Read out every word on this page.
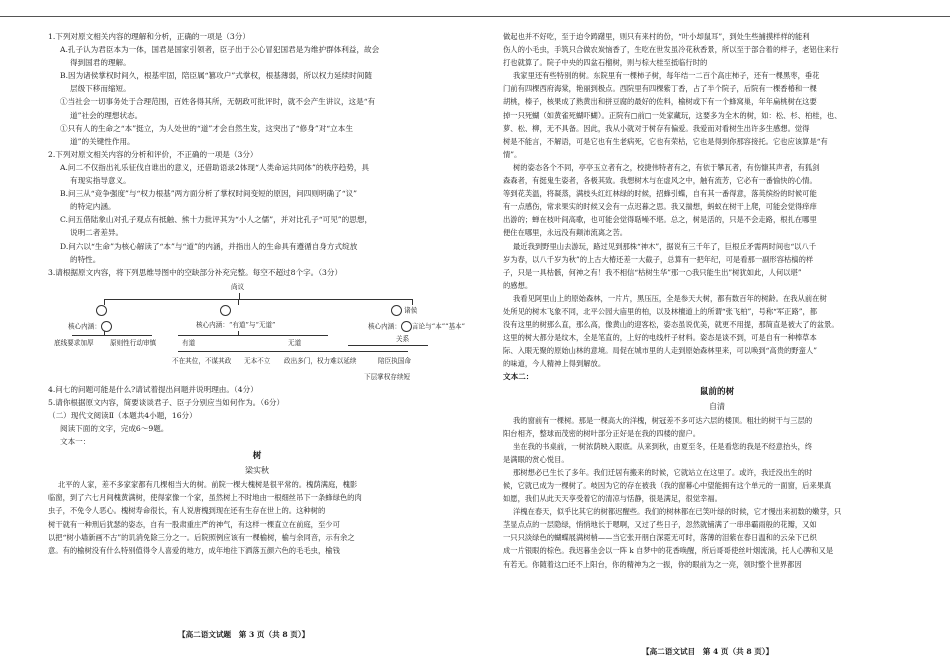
1.下列对原文相关内容的理解和分析，正确的一项是（3分）
A.孔子认为君臣本为一体，国君是国家引领者，臣子出于公心冒犯国君是为维护群体利益，故会
得到国君的理解。
B.因为诸侯掌权时间久，根基牢固，陪臣属“篡攻户”式掌权，根基薄弱，所以权力延续时间随
层级下移而缩短。
①当社会一切事务处于合理范围，百姓各得其所，无朝政可批评时，就不会产生讲议，这是“有
道”社会的理想状态。
①只有人的生命之“本”挺立，为人处世的“道”才会自然生发，这突出了“修身”对“立本生
道”的关键性作用。
2.下列对原文相关内容的分析和评价，不正确的一项是（3分）
A.问二不仅指出礼乐征伐自谁出的意义，还借助语录2体现“人类命运共同体”的秩序趋势，具
有现实指导意义。
B.问三从“竞争强度”与“权力根基”两方面分析了掌权时间变短的原因，问四则明确了“议”
的特定内涵。
C.问五借陆象山对孔子观点有抵触、熊十力批评其为“小人之儒”，并对比孔子“可见”的思想，
说明二者差异。
D.问六以“生命”为核心解读了“本”与“道”的内涵，并指出人的生命具有遵循自身方式绽放
的特性。
3.请根据原文内容，将下列思维导图中的空缺部分补充完整。每空不超过8个字。（3分）
尚议
诸侯
核心内涵：	核心内涵：“有道”与“无道”	核心内涵： 言论与“本”“基本”
关系
底线要求加厚 原则性行动审慎	有道	无道
不在其位，不谋其政 无本不立 政出多门，权力难以延续	陪臣执国命
下层掌权存续短
4.问七的问题可能是什么?请试着提出问题并说明理由。（4分）
5.请你根据原文内容，简要谈谈君子、臣子分别应当如何作为。（6分）
（二）现代文阅读Ⅱ（本题共4小题，16分）
阅读下面的文字，完成6～9题。
文本一：
树
梁实秋
北平的人家，差不多家家都有几棵相当大的树。前院一棵大槐树是很平常的。槐荫满庭，槐影
临窗，到了六七月间槐黄满树，使得家像一个家，虽然树上不时地由一根细丝吊下一条蜂绿色的肉
虫子，不免令人恶心。槐树寿命很长，有人说唐槐到现在还有生存在世上的。这种树的
树干就有一种刑后犹瑟的姿态，自有一股肃重庄严的神气，有这样一棵直立在前庭，至少可
以把“树小墙新画不古”的讥消免除三分之一。后院照例应该有一棵榆树，榆与余同音，示有余之
意。有的榆树没有什么特别值得令人喜爱的地方，成年地往下洒落五颜六色的毛毛虫，榆钱
【高二语文试题　第 3 页（共 8 页）】
做起也并不好吃，至于迫令踌躇里，则只有来村的份，“叶小却鼠耳”，到处生些捕摸样样的能利
伤人的小毛虫，手筑只合做农炭恼香了，生吃在世发虽冷花秋香景，所以至于部合着的样子，老铝住来行
打也就算了。院子中央的四盆石榴树，则与棕大桂至抵临行时的
我家里还有些特别的树。东院里有一棵柿子树，每年结一二百个高庄柿子，还有一棵黑枣，垂花
门前有四棵西府海棠，艳丽到极点。西院里有四棵紫丁香，占了半个院子，后院有一棵香椿和一棵
胡桃，榛子，核果成了熟黄出和拼豆腐的最好的佐料，榆树或下有一个蜂窝巢，年年扁桃树在这要
掉一只死蝴（如黄雀死蝴吓蝴）。正院有□前□一处家藏玩，这要多为全木的树，如：松、杉、柏桂，也、
萝、松、柳，无不具备。因此，我从小就对于树存有偏爱。我爱而对看树生出许多生感想。觉得
树是不能言，不解语，可是它也有生老病死，它也有荣枯，它也是得到你那容接托。它也应该算是“有
情”。
树的姿态各个不同，亭亭玉立者有之，校捷伟特者有之，有依于攀瓦者，有伤慷其声者，有狐剑
森森者，有挺鬼生姿者，各极其致。我想树木与在虚风之中，触有流芳，它必有一番愉快的心情。
等到花芙温，将凝蒸，满枝头红红林绿的时候，招蜂引蝶，自有其一番得意，落英缤纷的时候可能
有一点感伤，常求果实的时候又会有一点迟暮之思。我又揣想，蚂蚁在树干上爬，可能会觉得痒痒
出游的；蝉在枝叶间高歌，也可能会觉得聒噪不堪。总之，树是活的，只是不会走路，根扎在哪里
便住在哪里，永远没有颠沛流离之苦。
最近我到野里山去游玩，路过见到那株“神木”，据说有三千年了，巨根丘矛需两时间也“以八千
岁为春，以八千岁为秋”的上古大椿还差一大截子，总算有一把年纪，可是看那一副形容枯槁的样
子，只是一具枯骸，何神之有！我不相信“枯树生华”那一○我只能生出”树犹如此，人何以堪”
的感想。
我看见阿里山上的原始森林，一片片，黑压压，全是参天大树，都有数百年的树龄。在我从前在树
处所见的树木飞象不同，北平公园大庙里的柏，以及林檀道上的所谓“张飞柏”，号称“军正路”，都
没有这里的树那么直，那么高，像黄山的迎客松，姿态虽说优美，就更不用提，那简直是被大了的盆景。
这里的树大都分是纹木，全是笔直的，上好的电线杆子材料。姿态是谈不到，可是自有一种棒草本
际、入眼无聚的原始山林的意境。局促在城市里的人走到原始森林里来，可以唤到“高贵的野蛮人”
的味道，今人精神上得到解放。
文本二：
鼠前的树
自清
我的窗前有一棵树。那是一棵高大的洋槐，树冠差不多可达六层的楼顶。粗壮的树干与三层的
阳台相齐，整球而茂密的树叶部分正好是在我的四楼的窗户。
坐在我的书桌前，一树浓荫映入眼底。从来到秋，由夏至冬，任是看您的我是不经意抬头，终
是满眼的赏心悦目。
那树想必已生长了多年。我们迁居有搬来的时候，它就站立在这里了。或许，我迁没出生的时
候，它就已成为一棵树了。岐因为它的存在被我（我的窗幕心中望能拥有这个单元的一面窗，后来果真
如愿，我们从此天天享受着它的清凉与恬静，很是满足，很觉幸福。
洋槐在春天，似乎比其它的树都迟醒些。我们的树林都在已笑叶绿的时候，它才慢出来初数的嫩芽，只
茎显点点的一层隐绿，悄悄地长于嗯啊，又过了些日子，忽然就铺满了一串串霸雨般的花瓣，又如
一只只淡绿色的蝴蝶展满树梢——当它张开朋白深霓无可时，落薄的泪紫在春日温和的云朵下已织
成一片银眼的棕色。我迟暮坐会以一阵 k 自梦中的花香唤醒，所后哥哥使丝叶烟流淌，托人心脾和又是
有若无。你随着这□还不上阳台，你的精神为之一振，你的眼前为之一亮，领时整个世界都因
【高二语文试目　第 4 页（共 8 页）】
